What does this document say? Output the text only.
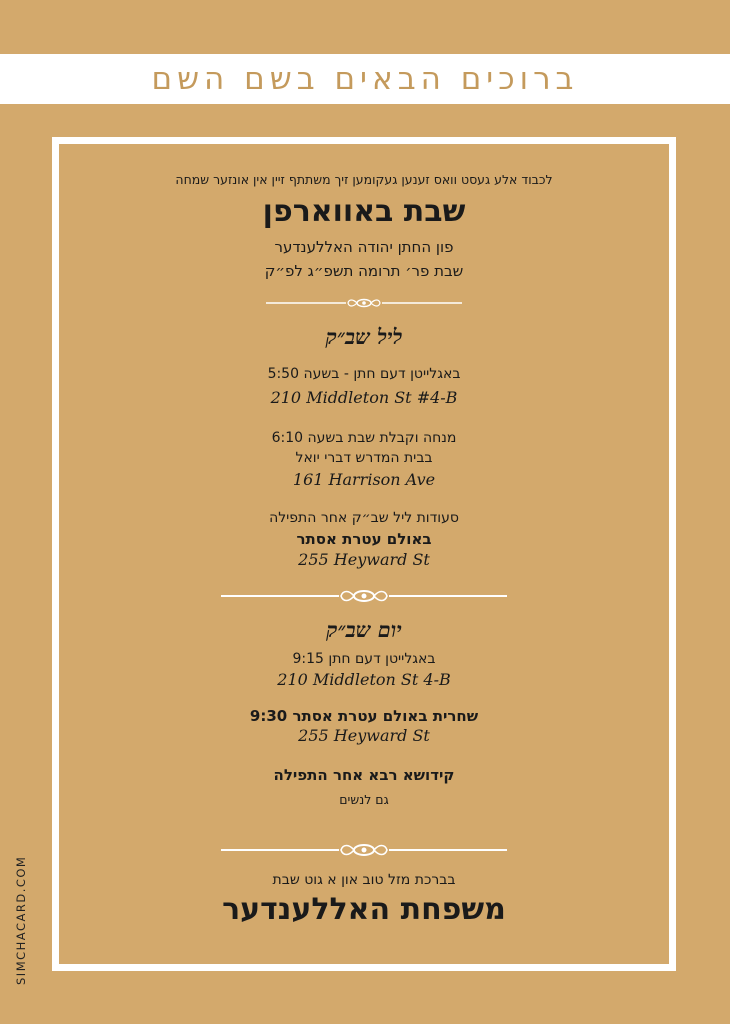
ברוכים הבאים בשם השם
לכבוד אלע געסט וואס זענען געקומען זיך משתתף זיין אין אונזער שמחה
שבת באווארפן
פון החתן יהודה האללענדער
שבת פר׳ תרומה תשפ״ג לפ״ק
ליל שב״ק
באגלייטן דעם חתן - בשעה 5:50
210 Middleton St #4-B
מנחה וקבלת שבת בשעה 6:10
בבית המדרש דברי יואל
161 Harrison Ave
סעודות ליל שב״ק אחר התפילה
באולם עטרת אסתר
255 Heyward St
יום שב״ק
באגלייטן דעם חתן 9:15
210 Middleton St 4-B
שחרית באולם עטרת אסתר 9:30
255 Heyward St
קידושא רבא אחר התפילה
גם לנשים
בברכת מזל טוב און א גוט שבת
משפחת האללענדער
SIMCHACARD.COM
